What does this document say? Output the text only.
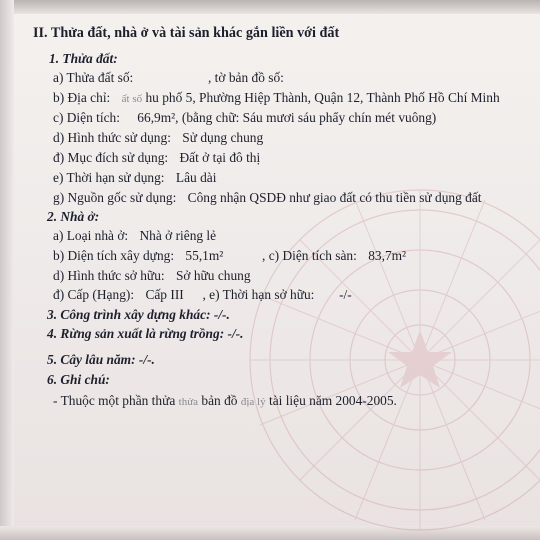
II. Thửa đất, nhà ở và tài sản khác gắn liền với đất
1. Thửa đất:
a) Thửa đất số:	, tờ bản đồ số:
b) Địa chỉ: ất số hu phố 5, Phường Hiệp Thành, Quận 12, Thành Phố Hồ Chí Minh
c) Diện tích: 66,9m², (bằng chữ: Sáu mươi sáu phẩy chín mét vuông)
d) Hình thức sử dụng: Sử dụng chung
đ) Mục đích sử dụng: Đất ở tại đô thị
e) Thời hạn sử dụng: Lâu dài
g) Nguồn gốc sử dụng: Công nhận QSDĐ như giao đất có thu tiền sử dụng đất
2. Nhà ở:
a) Loại nhà ở: Nhà ở riêng lẻ
b) Diện tích xây dựng: 55,1m²	, c) Diện tích sàn: 83,7m²
d) Hình thức sở hữu: Sở hữu chung
đ) Cấp (Hạng): Cấp III , e) Thời hạn sở hữu: -/-
3. Công trình xây dựng khác: -/-.
4. Rừng sản xuất là rừng trồng: -/-.
5. Cây lâu năm: -/-.
6. Ghi chú:
- Thuộc một phần thửa thửa bản đồ địa lý tài liệu năm 2004-2005.
